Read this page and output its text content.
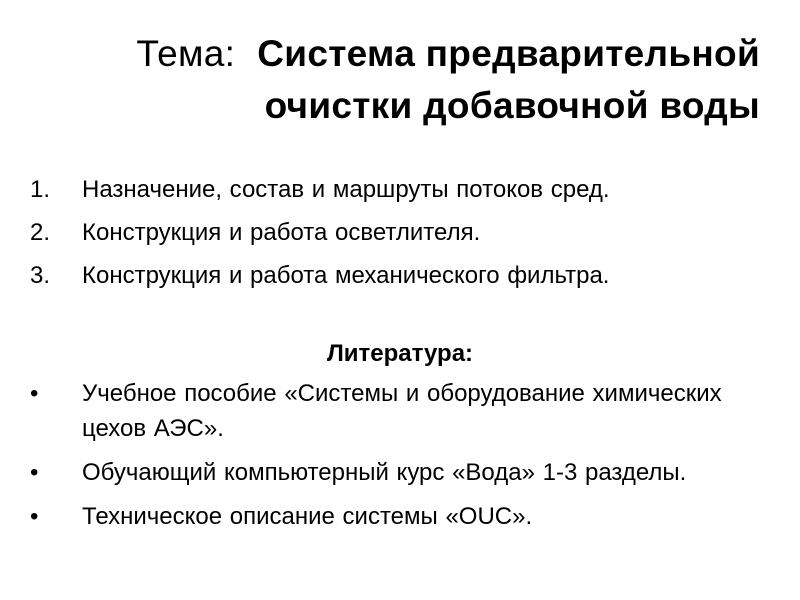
Тема: Система предварительной
очистки добавочной воды
1. Назначение, состав и маршруты потоков сред.
2. Конструкция и работа осветлителя.
3. Конструкция и работа механического фильтра.
Литература:
• Учебное пособие «Системы и оборудование химических цехов АЭС».
• Обучающий компьютерный курс «Вода» 1-3 разделы.
• Техническое описание системы «OUC».
